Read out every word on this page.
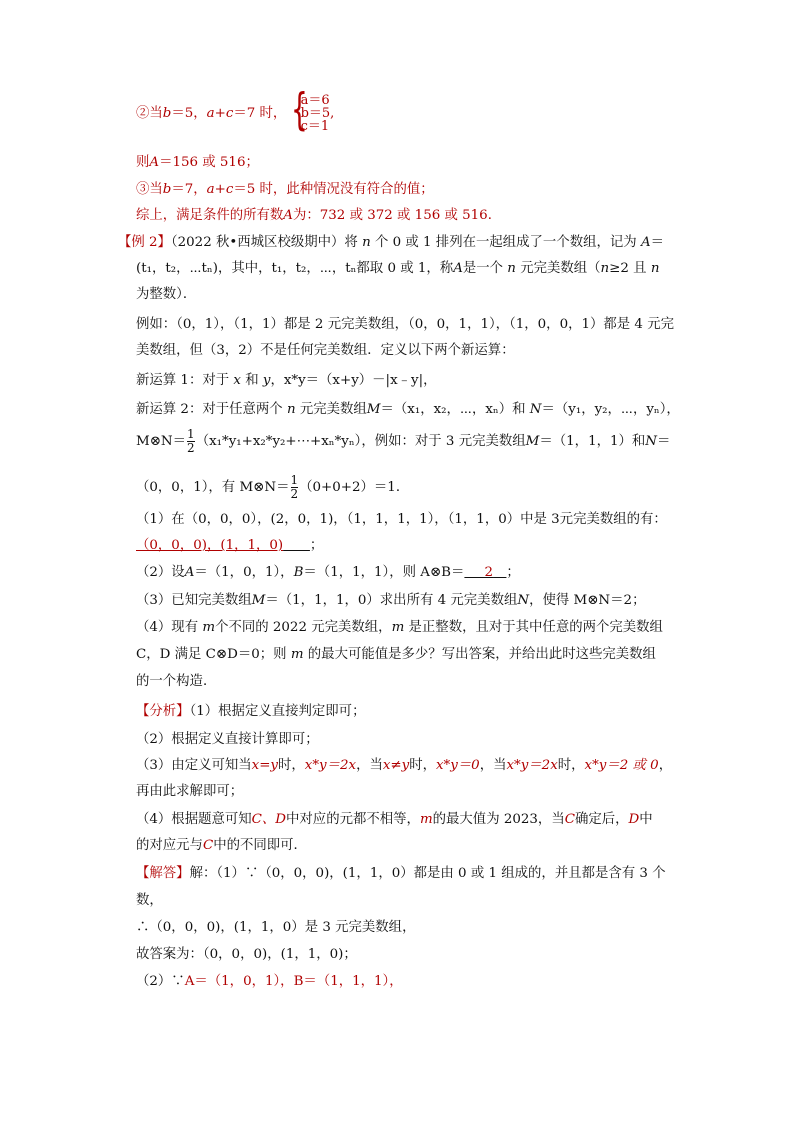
②当b＝5，a+c＝7 时， {
a＝6
b＝5,
c＝1
则A＝156 或 516；
③当b＝7，a+c＝5 时，此种情况没有符合的值；
综上，满足条件的所有数A为：732 或 372 或 156 或 516．
【例 2】（2022 秋•西城区校级期中）将 n 个 0 或 1 排列在一起组成了一个数组，记为 A＝
(t₁，t₂，⋯tₙ)，其中，t₁，t₂，⋯，tₙ都取 0 或 1，称A是一个 n 元完美数组（n≥2 且 n
为整数）．
例如：（0，1），（1，1）都是 2 元完美数组，（0，0，1，1），（1，0，0，1）都是 4 元完
美数组，但（3，2）不是任何完美数组．定义以下两个新运算：
新运算 1：对于 x 和 y，x*y＝（x+y）－|x﹣y|，
新运算 2：对于任意两个 n 元完美数组M＝（x₁，x₂，⋯，xₙ）和 N＝（y₁，y₂，⋯，yₙ），
M⊗N＝ $\frac{1}{2}$ （x₁*y₁+x₂*y₂+⋯+xₙ*yₙ），例如：对于 3 元完美数组M＝（1，1，1）和N＝
（0，0，1），有 M⊗N＝ $\frac{1}{2} (0+0+2)=1$．
（1）在（0，0，0），(2，0，1)，（1，1，1，1），（1，1，0）中是 3元完美数组的有：
（0，0，0)，(1，1，0)   ；
（2）设A＝（1，0，1），B＝（1，1，1），则 A⊗B＝    2   ；
（3）已知完美数组M＝（1，1，1，0）求出所有 4 元完美数组N，使得 M⊗N＝2；
（4）现有 m个不同的 2022 元完美数组，m 是正整数，且对于其中任意的两个完美数组
C，D 满足 C⊗D＝0；则 m 的最大可能值是多少？写出答案，并给出此时这些完美数组
的一个构造．
【分析】（1）根据定义直接判定即可；
（2）根据定义直接计算即可；
（3）由定义可知当x=y时，x*y＝2x，当x≠y时，x*y＝0，当x*y＝2x时，x*y＝2 或 0，
再由此求解即可；
（4）根据题意可知C、D中对应的元都不相等，m的最大值为 2023，当C确定后，D中
的对应元与C中的不同即可．
【解答】解：（1）∵（0，0，0)，(1，1，0）都是由 0 或 1 组成的，并且都是含有 3 个
数，
∴（0，0，0)，(1，1，0）是 3 元完美数组，
故答案为：（0，0，0)，(1，1，0)；
（2）∵A＝（1，0，1），B＝（1，1，1），
